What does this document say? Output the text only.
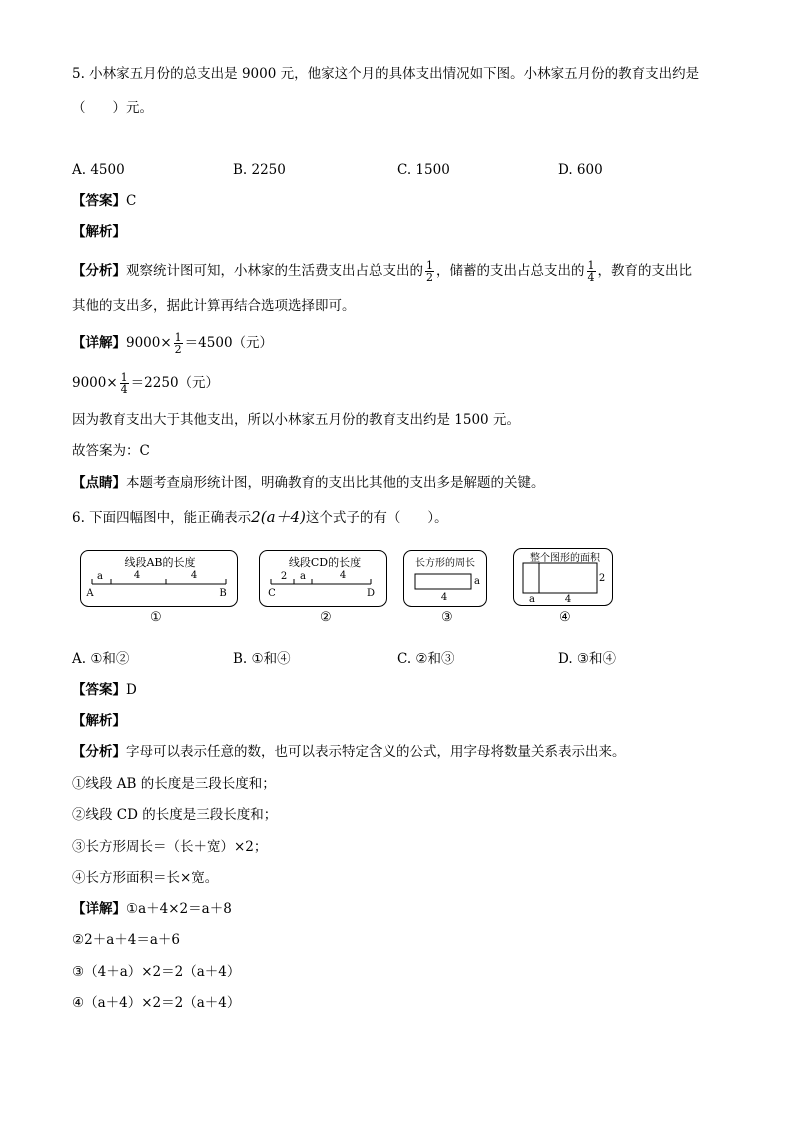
5. 小林家五月份的总支出是 9000 元，他家这个月的具体支出情况如下图。小林家五月份的教育支出约是
（　　）元。
A. 4500	B. 2250	C. 1500	D. 600
【答案】C
【解析】
【分析】观察统计图可知，小林家的生活费支出占总支出的 $\frac{1}{2}$ ，储蓄的支出占总支出的 $\frac{1}{4}$ ，教育的支出比
其他的支出多，据此计算再结合选项选择即可。
【详解】$9000\times \frac{1}{2} =4500$（元）
$9000\times \frac{1}{4} =2250$（元）
因为教育支出大于其他支出，所以小林家五月份的教育支出约是 1500 元。
故答案为：C
【点睛】本题考查扇形统计图，明确教育的支出比其他的支出多是解题的关键。
6. 下面四幅图中，能正确表示2(a＋4)这个式子的有（　　）。
线段AB的长度
a	4	4
A	B
①
线段CD的长度
2 a	4
C	D
②
长方形的周长
a
4
③
整个图形的面积
2
a	4
④
A. ①和②	B. ①和④	C. ②和③	D. ③和④
【答案】D
【解析】
【分析】字母可以表示任意的数，也可以表示特定含义的公式，用字母将数量关系表示出来。
①线段 AB 的长度是三段长度和；
②线段 CD 的长度是三段长度和；
③长方形周长＝（长＋宽）×2；
④长方形面积＝长×宽。
【详解】①a＋4×2＝a＋8
②2＋a＋4＝a＋6
③（4＋a）×2＝2（a＋4）
④（a＋4）×2＝2（a＋4）
